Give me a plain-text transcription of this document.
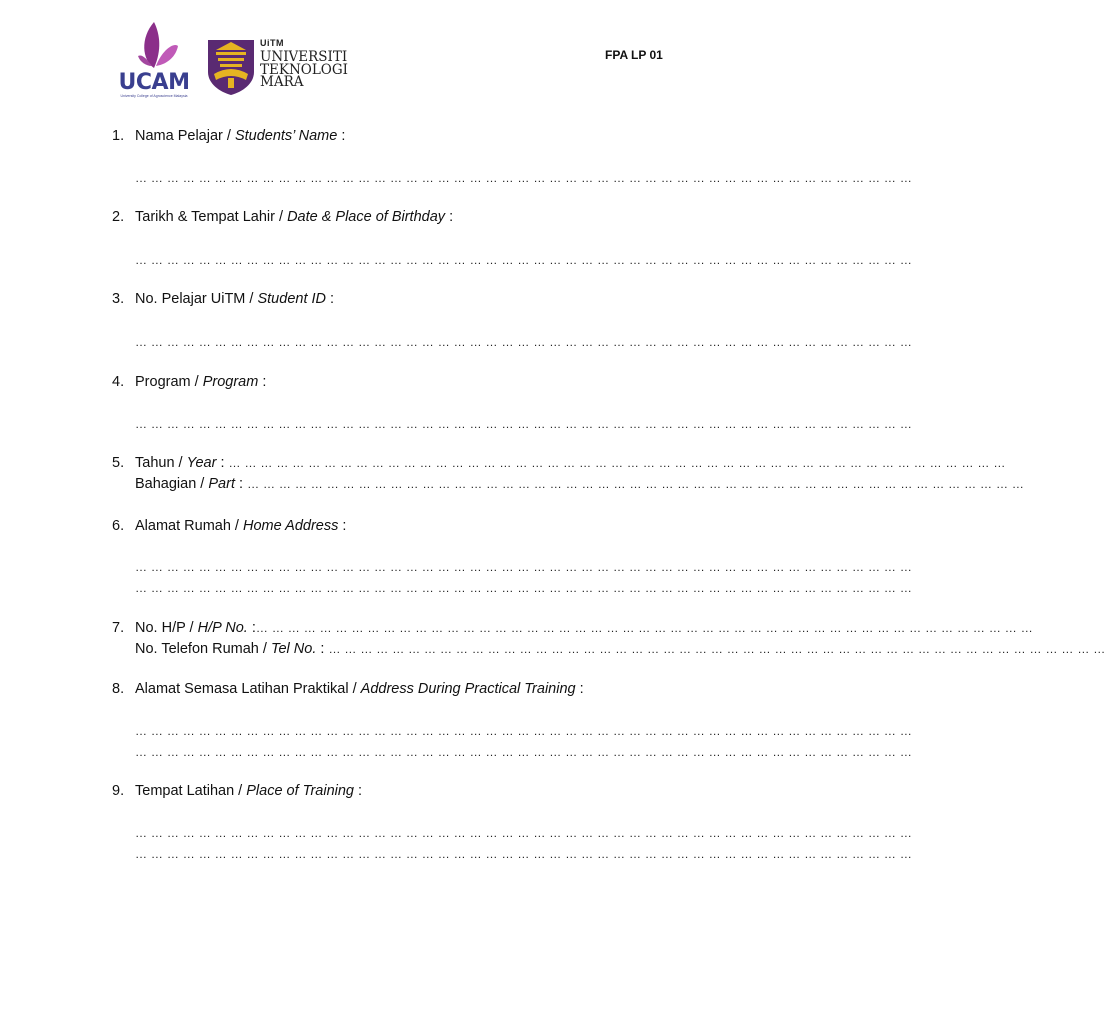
UCAM
University College of Agroscience Malaysia
UiTM
UNIVERSITI
TEKNOLOGI
MARA
FPA LP 01
1. Nama Pelajar / Students’ Name :
… … … … … … … … … … … … … … … … … … … … … … … … … … … … … … … … … … … … … … … … … … … … … … … … …
2. Tarikh & Tempat Lahir / Date & Place of Birthday :
… … … … … … … … … … … … … … … … … … … … … … … … … … … … … … … … … … … … … … … … … … … … … … … … …
3. No. Pelajar UiTM / Student ID :
… … … … … … … … … … … … … … … … … … … … … … … … … … … … … … … … … … … … … … … … … … … … … … … … …
4. Program / Program :
… … … … … … … … … … … … … … … … … … … … … … … … … … … … … … … … … … … … … … … … … … … … … … … … …
5. Tahun / Year : … … … … … … … … … … … … … … … … … … … … … … … … … … … … … … … … … … … … … … … … … … … … … … … … …
Bahagian / Part : … … … … … … … … … … … … … … … … … … … … … … … … … … … … … … … … … … … … … … … … … … … … … … … … …
6. Alamat Rumah / Home Address :
… … … … … … … … … … … … … … … … … … … … … … … … … … … … … … … … … … … … … … … … … … … … … … … … …
… … … … … … … … … … … … … … … … … … … … … … … … … … … … … … … … … … … … … … … … … … … … … … … … …
7. No. H/P / H/P No. :… … … … … … … … … … … … … … … … … … … … … … … … … … … … … … … … … … … … … … … … … … … … … … … … …
No. Telefon Rumah / Tel No. : … … … … … … … … … … … … … … … … … … … … … … … … … … … … … … … … … … … … … … … … … … … … … … … … …
8. Alamat Semasa Latihan Praktikal / Address During Practical Training :
… … … … … … … … … … … … … … … … … … … … … … … … … … … … … … … … … … … … … … … … … … … … … … … … …
… … … … … … … … … … … … … … … … … … … … … … … … … … … … … … … … … … … … … … … … … … … … … … … … …
9. Tempat Latihan / Place of Training :
… … … … … … … … … … … … … … … … … … … … … … … … … … … … … … … … … … … … … … … … … … … … … … … … …
… … … … … … … … … … … … … … … … … … … … … … … … … … … … … … … … … … … … … … … … … … … … … … … … …
